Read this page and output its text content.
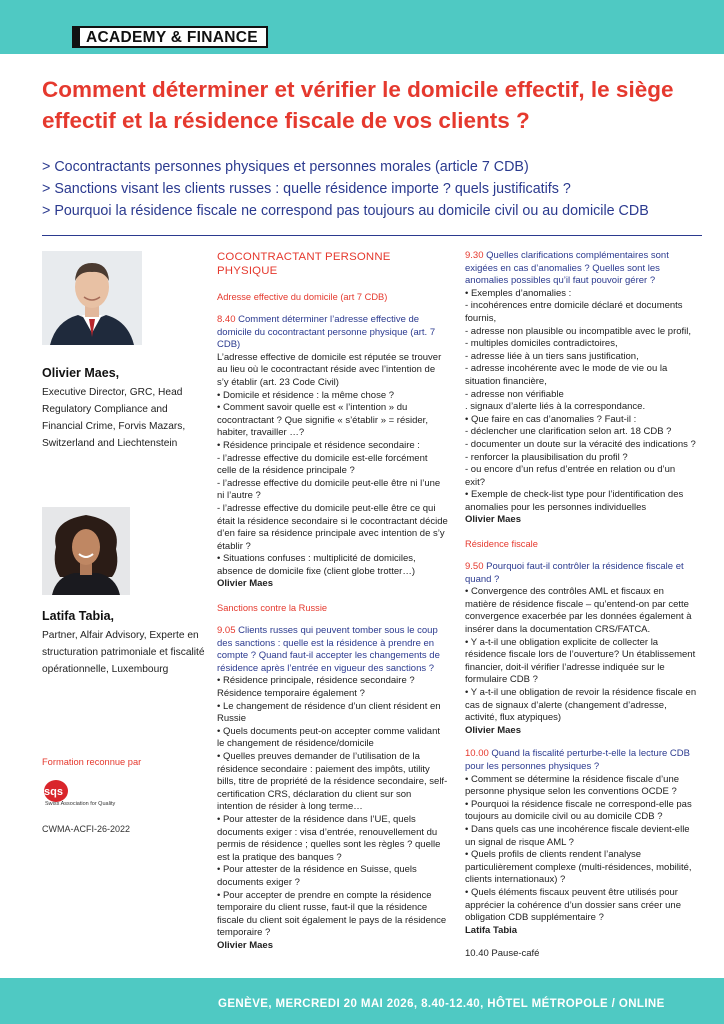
ACADEMY & FINANCE
Comment déterminer et vérifier le domicile effectif, le siège effectif et la résidence fiscale de vos clients ?
> Cocontractants personnes physiques et personnes morales (article 7 CDB)
> Sanctions visant les clients russes : quelle résidence importe ? quels justificatifs ?
> Pourquoi la résidence fiscale ne correspond pas toujours au domicile civil ou au domicile CDB
Olivier Maes,
Executive Director, GRC, Head Regulatory Compliance and Financial Crime, Forvis Mazars, Switzerland and Liechtenstein
Latifa Tabia,
Partner, Alfair Advisory, Experte en structuration patrimoniale et fiscalité opérationnelle, Luxembourg
Formation reconnue par
sqs
Swiss Association for Quality
CWMA-ACFI-26-2022
COCONTRACTANT PERSONNE PHYSIQUE
Adresse effective du domicile (art 7 CDB)
8.40 Comment déterminer l’adresse effective de domicile du cocontractant personne physique (art. 7 CDB)
L’adresse effective de domicile est réputée se trouver au lieu où le cocontractant réside avec l’intention de s’y établir (art. 23 Code Civil)
• Domicile et résidence : la même chose ?
• Comment savoir quelle est « l’intention » du cocontractant ? Que signifie « s’établir » = résider, habiter, travailler …?
• Résidence principale et résidence secondaire :
- l’adresse effective du domicile est-elle forcément celle de la résidence principale ?
- l’adresse effective du domicile peut-elle être ni l’une ni l’autre ?
- l’adresse effective du domicile peut-elle être ce qui était la résidence secondaire si le cocontractant décide d’en faire sa résidence principale avec intention de s’y établir ?
• Situations confuses : multiplicité de domiciles, absence de domicile fixe (client globe trotter…)
Olivier Maes
Sanctions contre la Russie
9.05 Clients russes qui peuvent tomber sous le coup des sanctions : quelle est la résidence à prendre en compte ? Quand faut-il accepter les changements de résidence après l’entrée en vigueur des sanctions ?
• Résidence principale, résidence secondaire ? Résidence temporaire également ?
• Le changement de résidence d’un client résident en Russie
• Quels documents peut-on accepter comme validant le changement de résidence/domicile
• Quelles preuves demander de l’utilisation de la résidence secondaire : paiement des impôts, utility bills, titre de propriété de la résidence secondaire, self-certification CRS, déclaration du client sur son intention de résider à long terme…
• Pour attester de la résidence dans l’UE, quels documents exiger : visa d’entrée, renouvellement du permis de résidence ; quelles sont les règles ? quelle est la pratique des banques ?
• Pour attester de la résidence en Suisse, quels documents exiger ?
• Pour accepter de prendre en compte la résidence temporaire du client russe, faut-il que la résidence fiscale du client soit également le pays de la résidence temporaire ?
Olivier Maes
9.30 Quelles clarifications complémentaires sont exigées en cas d’anomalies ? Quelles sont les anomalies possibles qu’il faut pouvoir gérer ?
• Exemples d’anomalies :
- incohérences entre domicile déclaré et documents fournis,
- adresse non plausible ou incompatible avec le profil,
- multiples domiciles contradictoires,
- adresse liée à un tiers sans justification,
- adresse incohérente avec le mode de vie ou la situation financière,
- adresse non vérifiable
. signaux d’alerte liés à la correspondance.
• Que faire en cas d’anomalies ? Faut-il :
- déclencher une clarification selon art. 18 CDB ?
- documenter un doute sur la véracité des indications ?
- renforcer la plausibilisation du profil ?
- ou encore d’un refus d’entrée en relation ou d’un exit?
• Exemple de check-list type pour l’identification des anomalies pour les personnes individuelles
Olivier Maes
Résidence fiscale
9.50 Pourquoi faut-il contrôler la résidence fiscale et quand ?
• Convergence des contrôles AML et fiscaux en matière de résidence fiscale – qu’entend-on par cette convergence exacerbée par les données également à insérer dans la documentation CRS/FATCA.
• Y a-t-il une obligation explicite de collecter la résidence fiscale lors de l’ouverture? Un établissement financier, doit-il vérifier l’adresse indiquée sur le formulaire CDB ?
• Y a-t-il une obligation de revoir la résidence fiscale en cas de signaux d’alerte (changement d’adresse, activité, flux atypiques)
Olivier Maes
10.00 Quand la fiscalité perturbe-t-elle la lecture CDB pour les personnes physiques ?
• Comment se détermine la résidence fiscale d’une personne physique selon les conventions OCDE ?
• Pourquoi la résidence fiscale ne correspond-elle pas toujours au domicile civil ou au domicile CDB ?
• Dans quels cas une incohérence fiscale devient-elle un signal de risque AML ?
• Quels profils de clients rendent l’analyse particulièrement complexe (multi-résidences, mobilité, clients internationaux) ?
• Quels éléments fiscaux peuvent être utilisés pour apprécier la cohérence d’un dossier sans créer une obligation CDB supplémentaire ?
Latifa Tabia
10.40 Pause-café
GENÈVE, MERCREDI 20 MAI 2026, 8.40-12.40, HÔTEL MÉTROPOLE / ONLINE
